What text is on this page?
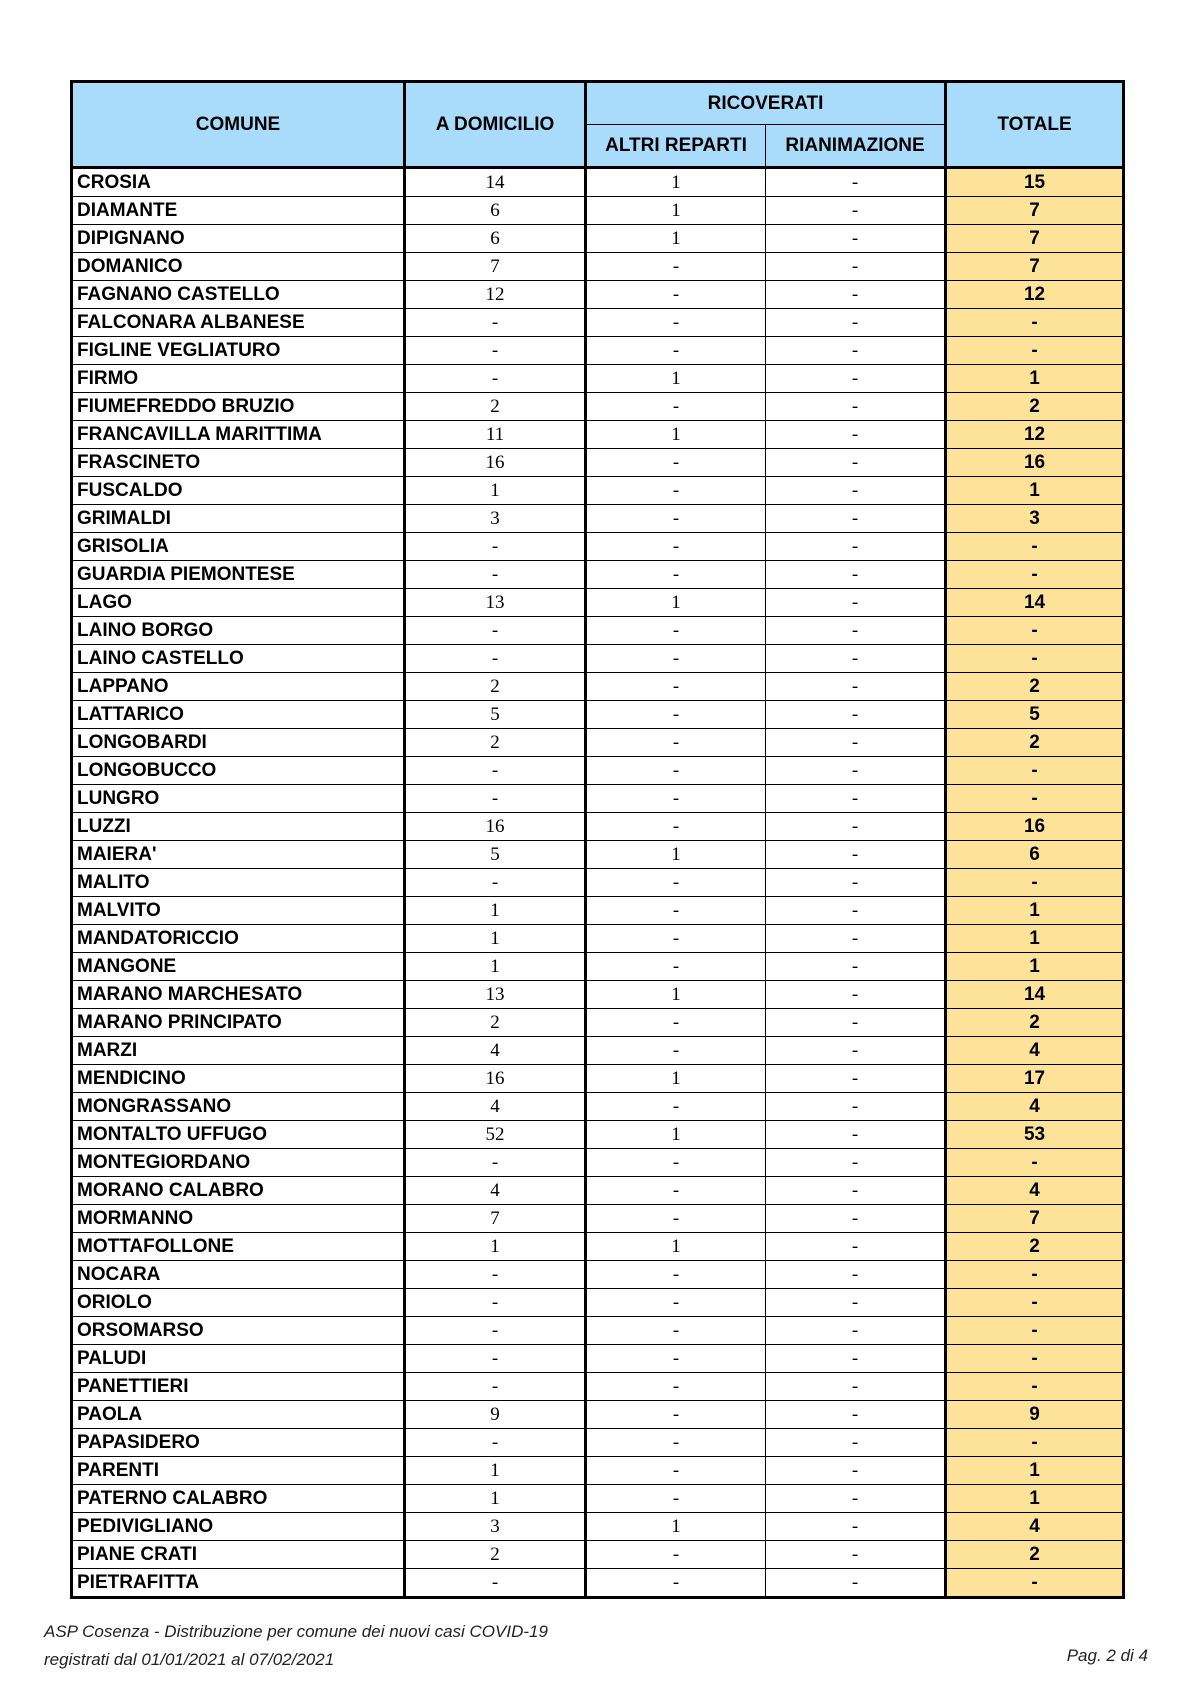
COMUNE	A DOMICILIO	RICOVERATI		TOTALE
		ALTRI REPARTI	RIANIMAZIONE	
CROSIA	14	1	-	15
DIAMANTE	6	1	-	7
DIPIGNANO	6	1	-	7
DOMANICO	7	-	-	7
FAGNANO CASTELLO	12	-	-	12
FALCONARA ALBANESE	-	-	-	-
FIGLINE VEGLIATURO	-	-	-	-
FIRMO	-	1	-	1
FIUMEFREDDO BRUZIO	2	-	-	2
FRANCAVILLA MARITTIMA	11	1	-	12
FRASCINETO	16	-	-	16
FUSCALDO	1	-	-	1
GRIMALDI	3	-	-	3
GRISOLIA	-	-	-	-
GUARDIA PIEMONTESE	-	-	-	-
LAGO	13	1	-	14
LAINO BORGO	-	-	-	-
LAINO CASTELLO	-	-	-	-
LAPPANO	2	-	-	2
LATTARICO	5	-	-	5
LONGOBARDI	2	-	-	2
LONGOBUCCO	-	-	-	-
LUNGRO	-	-	-	-
LUZZI	16	-	-	16
MAIERA'	5	1	-	6
MALITO	-	-	-	-
MALVITO	1	-	-	1
MANDATORICCIO	1	-	-	1
MANGONE	1	-	-	1
MARANO MARCHESATO	13	1	-	14
MARANO PRINCIPATO	2	-	-	2
MARZI	4	-	-	4
MENDICINO	16	1	-	17
MONGRASSANO	4	-	-	4
MONTALTO UFFUGO	52	1	-	53
MONTEGIORDANO	-	-	-	-
MORANO CALABRO	4	-	-	4
MORMANNO	7	-	-	7
MOTTAFOLLONE	1	1	-	2
NOCARA	-	-	-	-
ORIOLO	-	-	-	-
ORSOMARSO	-	-	-	-
PALUDI	-	-	-	-
PANETTIERI	-	-	-	-
PAOLA	9	-	-	9
PAPASIDERO	-	-	-	-
PARENTI	1	-	-	1
PATERNO CALABRO	1	-	-	1
PEDIVIGLIANO	3	1	-	4
PIANE CRATI	2	-	-	2
PIETRAFITTA	-	-	-	-
ASP Cosenza - Distribuzione per comune dei nuovi casi COVID-19
registrati dal 01/01/2021 al 07/02/2021	Pag. 2 di 4
